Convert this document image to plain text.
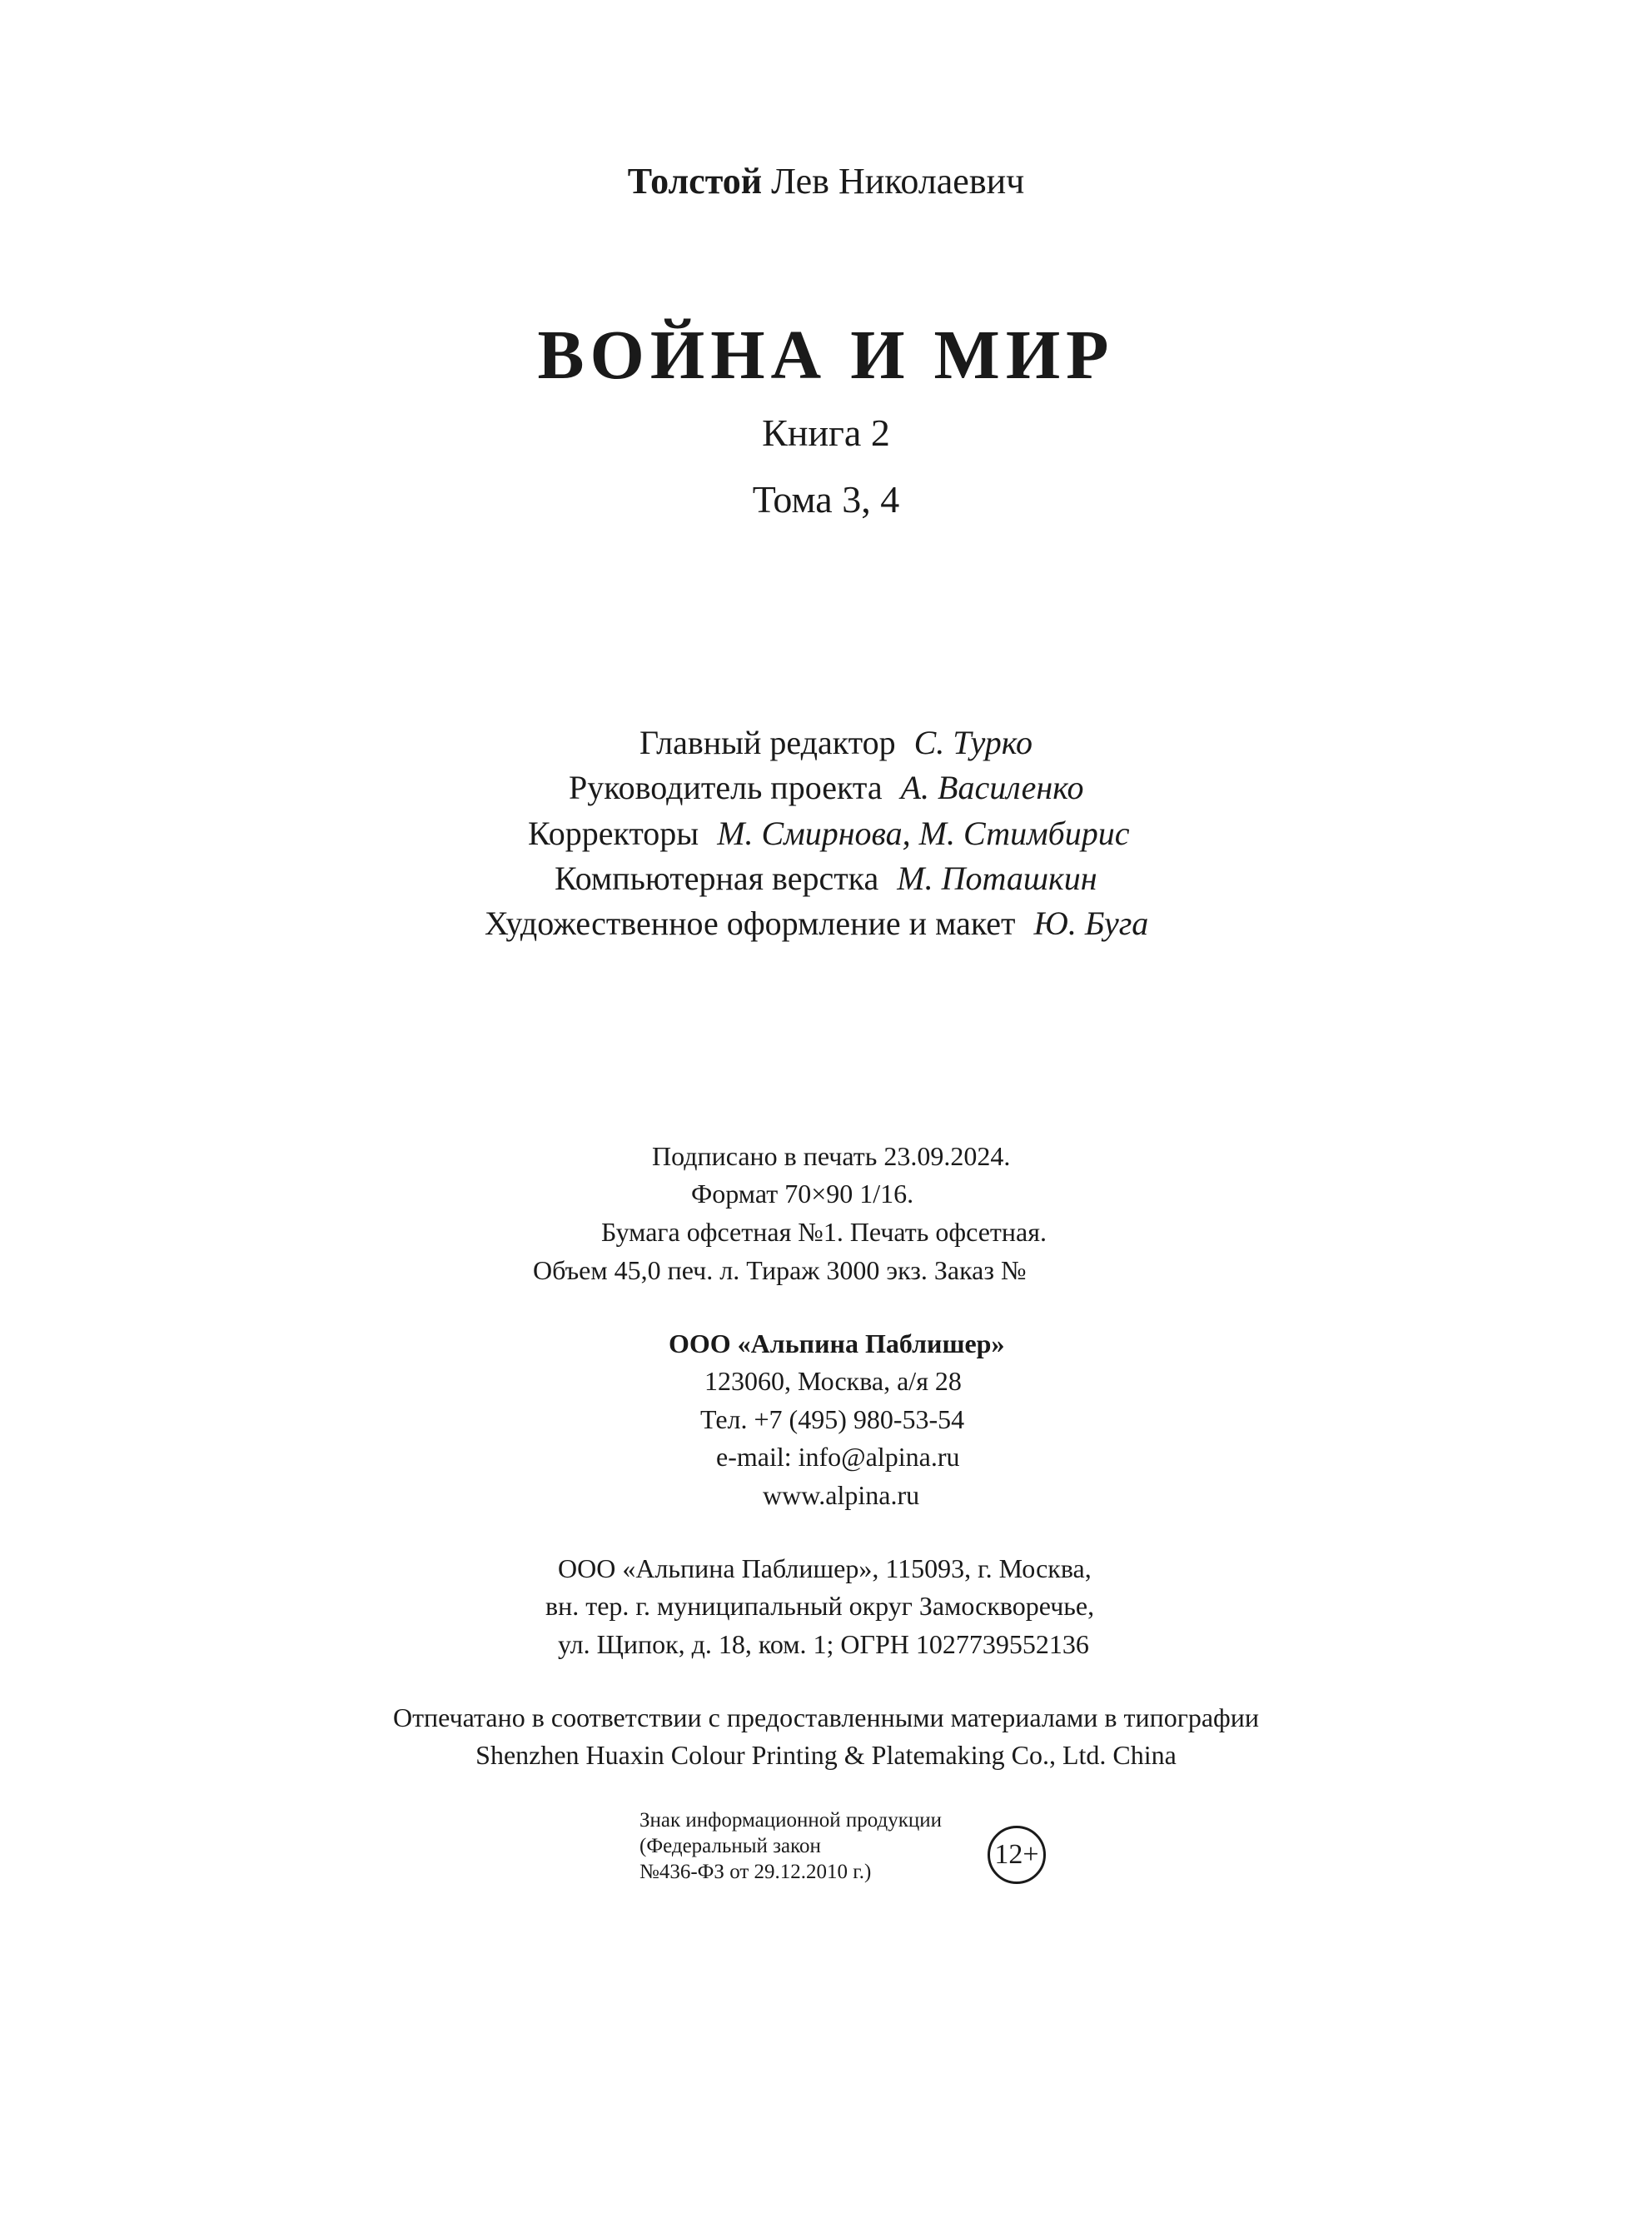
Толстой Лев Николаевич
ВОЙНА И МИР
Книга 2
Тома 3, 4
Главный редактор С. Турко
Руководитель проекта А. Василенко
Корректоры М. Смирнова, М. Стимбирис
Компьютерная верстка М. Поташкин
Художественное оформление и макет Ю. Буга
Подписано в печать 23.09.2024.
Формат 70×90 1/16.
Бумага офсетная №1. Печать офсетная.
Объем 45,0 печ. л. Тираж 3000 экз. Заказ №
ООО «Альпина Паблишер»
123060, Москва, а/я 28
Тел. +7 (495) 980-53-54
e-mail: info@alpina.ru
www.alpina.ru
ООО «Альпина Паблишер», 115093, г. Москва,
вн. тер. г. муниципальный округ Замоскворечье,
ул. Щипок, д. 18, ком. 1; ОГРН 1027739552136
Отпечатано в соответствии с предоставленными материалами в типографии
Shenzhen Huaxin Colour Printing & Platemaking Co., Ltd. China
Знак информационной продукции
(Федеральный закон
№436-ФЗ от 29.12.2010 г.)
12+
